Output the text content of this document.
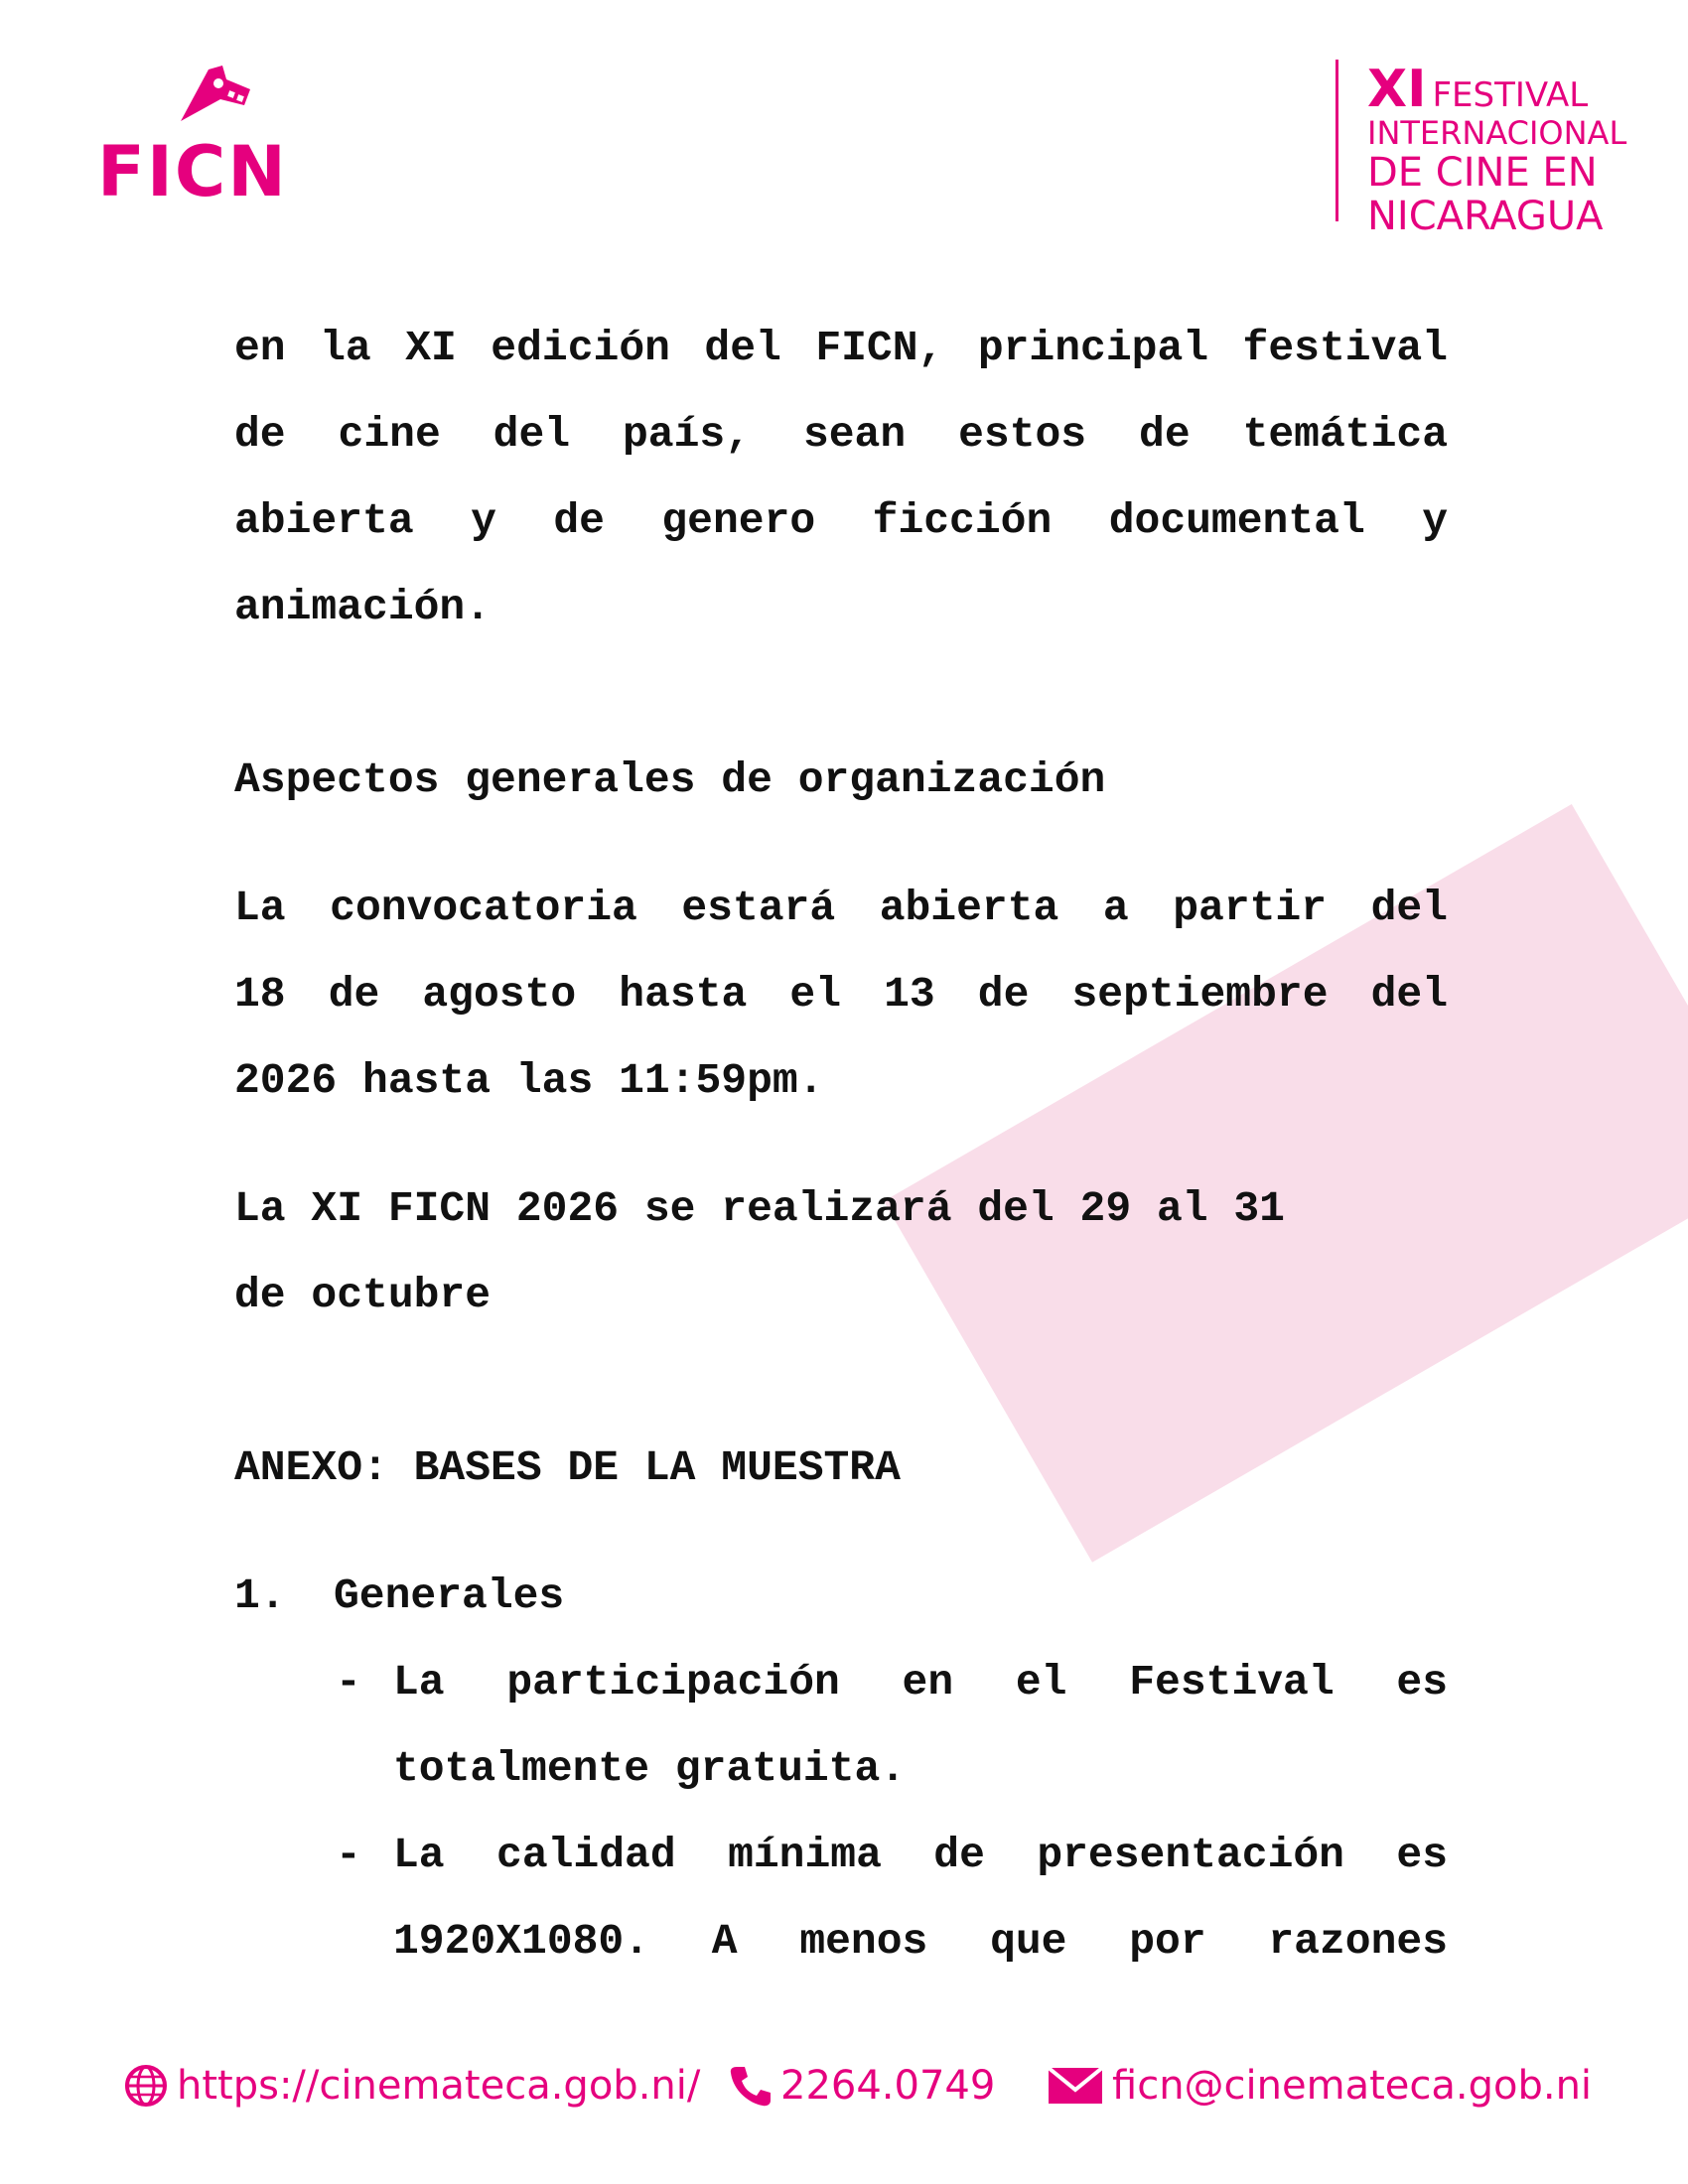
FICN
XI FESTIVAL
INTERNACIONAL
DE CINE EN
NICARAGUA
en la XI edición del FICN, principal festival
de cine del país, sean estos de temática
abierta y de genero ficción documental y
animación.
Aspectos generales de organización
La convocatoria estará abierta a partir del
18 de agosto hasta el 13 de septiembre del
2026 hasta las 11:59pm.
La XI FICN 2026 se realizará del 29 al 31
de octubre
ANEXO: BASES DE LA MUESTRA
1. Generales
- La participación en el Festival es
totalmente gratuita.
- La calidad mínima de presentación es
1920X1080. A menos que por razones
https://cinemateca.gob.ni/ 2264.0749	ficn@cinemateca.gob.ni
